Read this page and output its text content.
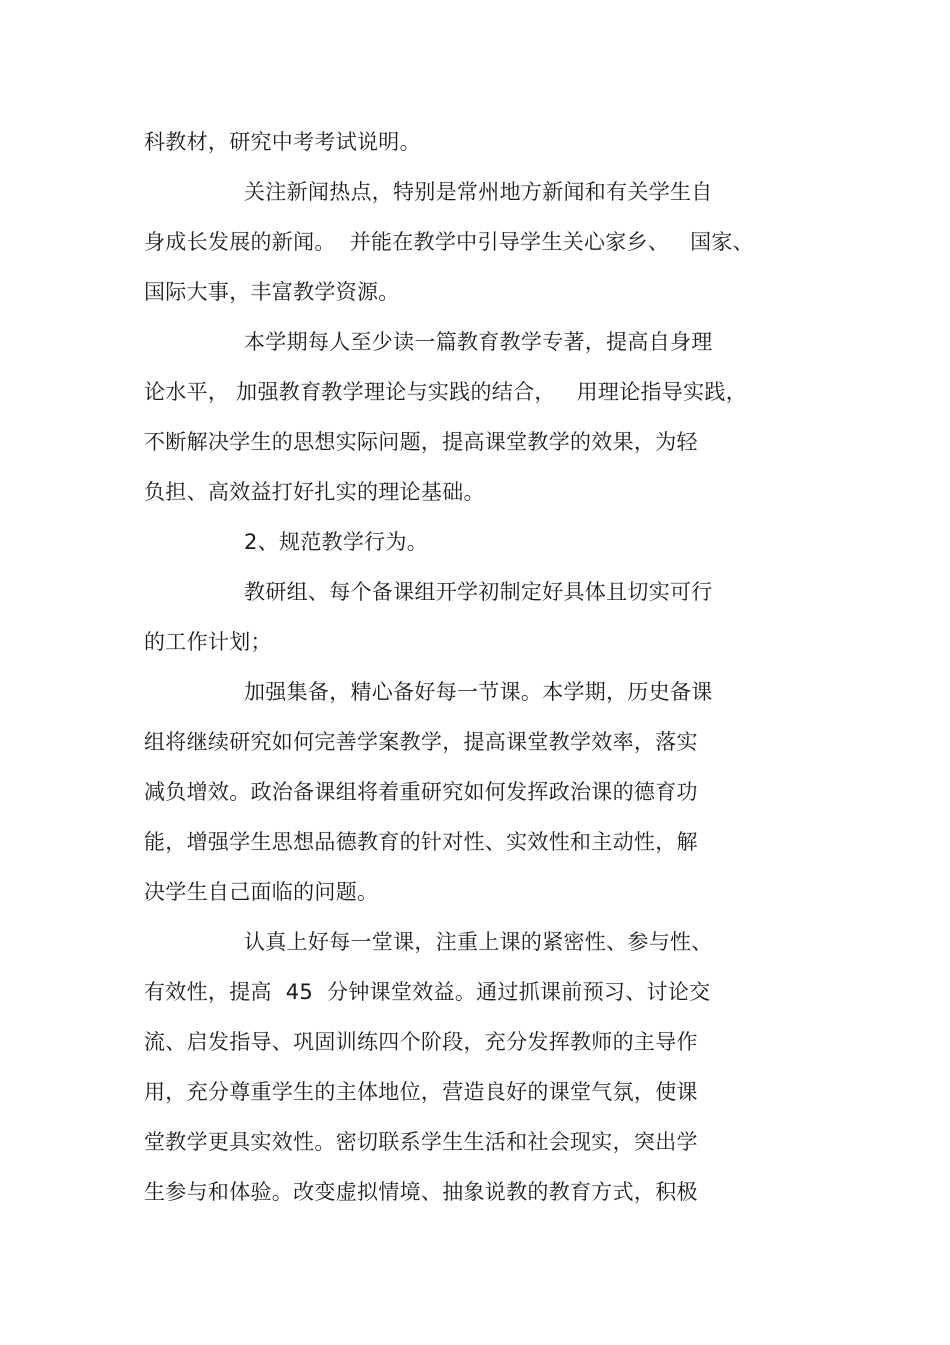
科教材，研究中考考试说明。
关注新闻热点，特别是常州地方新闻和有关学生自
身成长发展的新闻。  并能在教学中引导学生关心家乡、   国家、
国际大事，丰富教学资源。
本学期每人至少读一篇教育教学专著，提高自身理
论水平， 加强教育教学理论与实践的结合，   用理论指导实践，
不断解决学生的思想实际问题，提高课堂教学的效果，为轻
负担、高效益打好扎实的理论基础。
2、规范教学行为。
教研组、每个备课组开学初制定好具体且切实可行
的工作计划；
加强集备，精心备好每一节课。本学期，历史备课
组将继续研究如何完善学案教学，提高课堂教学效率，落实
减负增效。政治备课组将着重研究如何发挥政治课的德育功
能，增强学生思想品德教育的针对性、实效性和主动性，解
决学生自己面临的问题。
认真上好每一堂课，注重上课的紧密性、参与性、
有效性，提高  45  分钟课堂效益。通过抓课前预习、讨论交
流、启发指导、巩固训练四个阶段，充分发挥教师的主导作
用，充分尊重学生的主体地位，营造良好的课堂气氛，使课
堂教学更具实效性。密切联系学生生活和社会现实，突出学
生参与和体验。改变虚拟情境、抽象说教的教育方式，积极
